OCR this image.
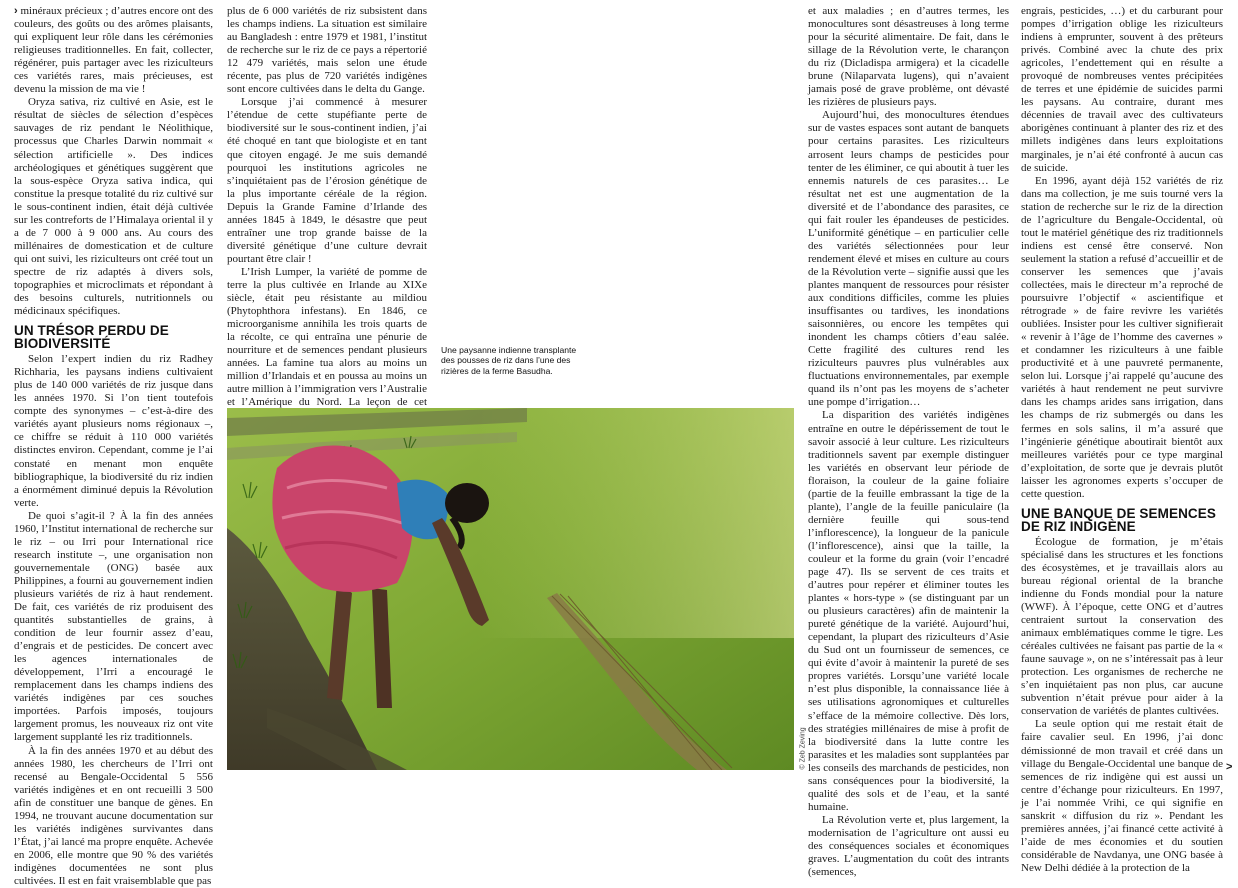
› minéraux précieux ; d’autres encore ont des couleurs, des goûts ou des arômes plaisants, qui expliquent leur rôle dans les cérémonies religieuses traditionnelles. En fait, collecter, régénérer, puis partager avec les riziculteurs ces variétés rares, mais précieuses, est devenu la mission de ma vie !

Oryza sativa, riz cultivé en Asie, est le résultat de siècles de sélection d’espèces sauvages de riz pendant le Néolithique, processus que Charles Darwin nommait « sélection artificielle ». Des indices archéologiques et génétiques suggèrent que la sous-espèce Oryza sativa indica, qui constitue la presque totalité du riz cultivé sur le sous-continent indien, était déjà cultivée sur les contreforts de l’Himalaya oriental il y a de 7 000 à 9 000 ans. Au cours des millénaires de domestication et de culture qui ont suivi, les riziculteurs ont créé tout un spectre de riz adaptés à divers sols, topographies et microclimats et répondant à des besoins culturels, nutritionnels ou médicinaux spécifiques.

UN TRÉSOR PERDU DE BIODIVERSITÉ

Selon l’expert indien du riz Radhey Richharia, les paysans indiens cultivaient plus de 140 000 variétés de riz jusque dans les années 1970. Si l’on tient toutefois compte des synonymes – c’est-à-dire des variétés ayant plusieurs noms régionaux –, ce chiffre se réduit à 110 000 variétés distinctes environ. Cependant, comme je l’ai constaté en menant mon enquête bibliographique, la biodiversité du riz indien a énormément diminué depuis la Révolution verte.

De quoi s’agit-il ? À la fin des années 1960, l’Institut international de recherche sur le riz – ou Irri pour International rice research institute –, une organisation non gouvernementale (ONG) basée aux Philippines, a fourni au gouvernement indien plusieurs variétés de riz à haut rendement. De fait, ces variétés de riz produisent des quantités substantielles de grains, à condition de leur fournir assez d’eau, d’engrais et de pesticides. De concert avec les agences internationales de développement, l’Irri a encouragé le remplacement dans les champs indiens des variétés indigènes par ces souches importées. Parfois imposés, toujours largement promus, les nouveaux riz ont vite largement supplanté les riz traditionnels.

À la fin des années 1970 et au début des années 1980, les chercheurs de l’Irri ont recensé au Bengale-Occidental 5 556 variétés indigènes et en ont recueilli 3 500 afin de constituer une banque de gènes. En 1994, ne trouvant aucune documentation sur les variétés indigènes survivantes dans l’État, j’ai lancé ma propre enquête. Achevée en 2006, elle montre que 90 % des variétés indigènes documentées ne sont plus cultivées. Il est en fait vraisemblable que pas

plus de 6 000 variétés de riz subsistent dans les champs indiens. La situation est similaire au Bangladesh : entre 1979 et 1981, l’institut de recherche sur le riz de ce pays a répertorié 12 479 variétés, mais selon une étude récente, pas plus de 720 variétés indigènes sont encore cultivées dans le delta du Gange.

Lorsque j’ai commencé à mesurer l’étendue de cette stupéfiante perte de biodiversité sur le sous-continent indien, j’ai été choqué en tant que biologiste et en tant que citoyen engagé. Je me suis demandé pourquoi les institutions agricoles ne s’inquiétaient pas de l’érosion génétique de la plus importante céréale de la région. Depuis la Grande Famine d’Irlande des années 1845 à 1849, le désastre que peut entraîner une trop grande baisse de la diversité génétique d’une culture devrait pourtant être clair !

L’Irish Lumper, la variété de pomme de terre la plus cultivée en Irlande au XIXe siècle, était peu résistante au mildiou (Phytophthora infestans). En 1846, ce microorganisme annihila les trois quarts de la récolte, ce qui entraîna une pénurie de nourriture et de semences pendant plusieurs années. La famine tua alors au moins un million d’Irlandais et en poussa au moins un autre million à l’immigration vers l’Australie et l’Amérique du Nord. La leçon de cet

Une paysanne indienne transplante des pousses de riz dans l’une des rizières de la ferme Basudha.
© Zeb Zeving

et aux maladies ; en d’autres termes, les monocultures sont désastreuses à long terme pour la sécurité alimentaire. De fait, dans le sillage de la Révolution verte, le charançon du riz (Dicladispa armigera) et la cicadelle brune (Nilaparvata lugens), qui n’avaient jamais posé de grave problème, ont dévasté les rizières de plusieurs pays.

Aujourd’hui, des monocultures étendues sur de vastes espaces sont autant de banquets pour certains parasites. Les riziculteurs arrosent leurs champs de pesticides pour tenter de les éliminer, ce qui aboutit à tuer les ennemis naturels de ces parasites… Le résultat net est une augmentation de la diversité et de l’abondance des parasites, ce qui fait rouler les épandeuses de pesticides. L’uniformité génétique – en particulier celle des variétés sélectionnées pour leur rendement élevé et mises en culture au cours de la Révolution verte – signifie aussi que les plantes manquent de ressources pour résister aux conditions difficiles, comme les pluies insuffisantes ou tardives, les inondations saisonnières, ou encore les tempêtes qui inondent les champs côtiers d’eau salée. Cette fragilité des cultures rend les riziculteurs pauvres plus vulnérables aux fluctuations environnementales, par exemple quand ils n’ont pas les moyens de s’acheter une pompe d’irrigation…

La disparition des variétés indigènes entraîne en outre le dépérissement de tout le savoir associé à leur culture. Les riziculteurs traditionnels savent par exemple distinguer les variétés en observant leur période de floraison, la couleur de la gaine foliaire (partie de la feuille embrassant la tige de la plante), l’angle de la feuille paniculaire (la dernière feuille qui sous-tend l’inflorescence), la longueur de la panicule (l’inflorescence), ainsi que la taille, la couleur et la forme du grain (voir l’encadré page 47). Ils se servent de ces traits et d’autres pour repérer et éliminer toutes les plantes « hors-type » (se distinguant par un ou plusieurs caractères) afin de maintenir la pureté génétique de la variété. Aujourd’hui, cependant, la plupart des riziculteurs d’Asie du Sud ont un fournisseur de semences, ce qui évite d’avoir à maintenir la pureté de ses propres variétés. Lorsqu’une variété locale n’est plus disponible, la connaissance liée à ses utilisations agronomiques et culturelles s’efface de la mémoire collective. Dès lors, des stratégies millénaires de mise à profit de la biodiversité dans la lutte contre les parasites et les maladies sont supplantées par les conseils des marchands de pesticides, non sans conséquences pour la biodiversité, la qualité des sols et de l’eau, et la santé humaine.

La Révolution verte et, plus largement, la modernisation de l’agriculture ont aussi eu des conséquences sociales et économiques graves. L’augmentation du coût des intrants (semences,

engrais, pesticides, …) et du carburant pour pompes d’irrigation oblige les riziculteurs indiens à emprunter, souvent à des prêteurs privés. Combiné avec la chute des prix agricoles, l’endettement qui en résulte a provoqué de nombreuses ventes précipitées de terres et une épidémie de suicides parmi les paysans. Au contraire, durant mes décennies de travail avec des cultivateurs aborigènes continuant à planter des riz et des millets indigènes dans leurs exploitations marginales, je n’ai été confronté à aucun cas de suicide.

En 1996, ayant déjà 152 variétés de riz dans ma collection, je me suis tourné vers la station de recherche sur le riz de la direction de l’agriculture du Bengale-Occidental, où tout le matériel génétique des riz traditionnels indiens est censé être conservé. Non seulement la station a refusé d’accueillir et de conserver les semences que j’avais collectées, mais le directeur m’a reproché de poursuivre l’objectif « ascientifique et rétrograde » de faire revivre les variétés oubliées. Insister pour les cultiver signifierait « revenir à l’âge de l’homme des cavernes » et condamner les riziculteurs à une faible productivité et à une pauvreté permanente, selon lui. Lorsque j’ai rappelé qu’aucune des variétés à haut rendement ne peut survivre dans les champs arides sans irrigation, dans les champs de riz submergés ou dans les fermes en sols salins, il m’a assuré que l’ingénierie génétique aboutirait bientôt aux meilleures variétés pour ce type marginal d’exploitation, de sorte que je devrais plutôt laisser les agronomes experts s’occuper de cette question.

UNE BANQUE DE SEMENCES DE RIZ INDIGÈNE

Écologue de formation, je m’étais spécialisé dans les structures et les fonctions des écosystèmes, et je travaillais alors au bureau régional oriental de la branche indienne du Fonds mondial pour la nature (WWF). À l’époque, cette ONG et d’autres centraient surtout la conservation des animaux emblématiques comme le tigre. Les céréales cultivées ne faisant pas partie de la « faune sauvage », on ne s’intéressait pas à leur protection. Les organismes de recherche ne s’en inquiétaient pas non plus, car aucune subvention n’était prévue pour aider à la conservation de variétés de plantes cultivées.

La seule option qui me restait était de faire cavalier seul. En 1996, j’ai donc démissionné de mon travail et créé dans un village du Bengale-Occidental une banque de semences de riz indigène qui est aussi un centre d’échange pour riziculteurs. En 1997, je l’ai nommée Vrihi, ce qui signifie en sanskrit « diffusion du riz ». Pendant les premières années, j’ai financé cette activité à l’aide de mes économies et du soutien considérable de Navdanya, une ONG basée à New Delhi dédiée à la protection de la

>
